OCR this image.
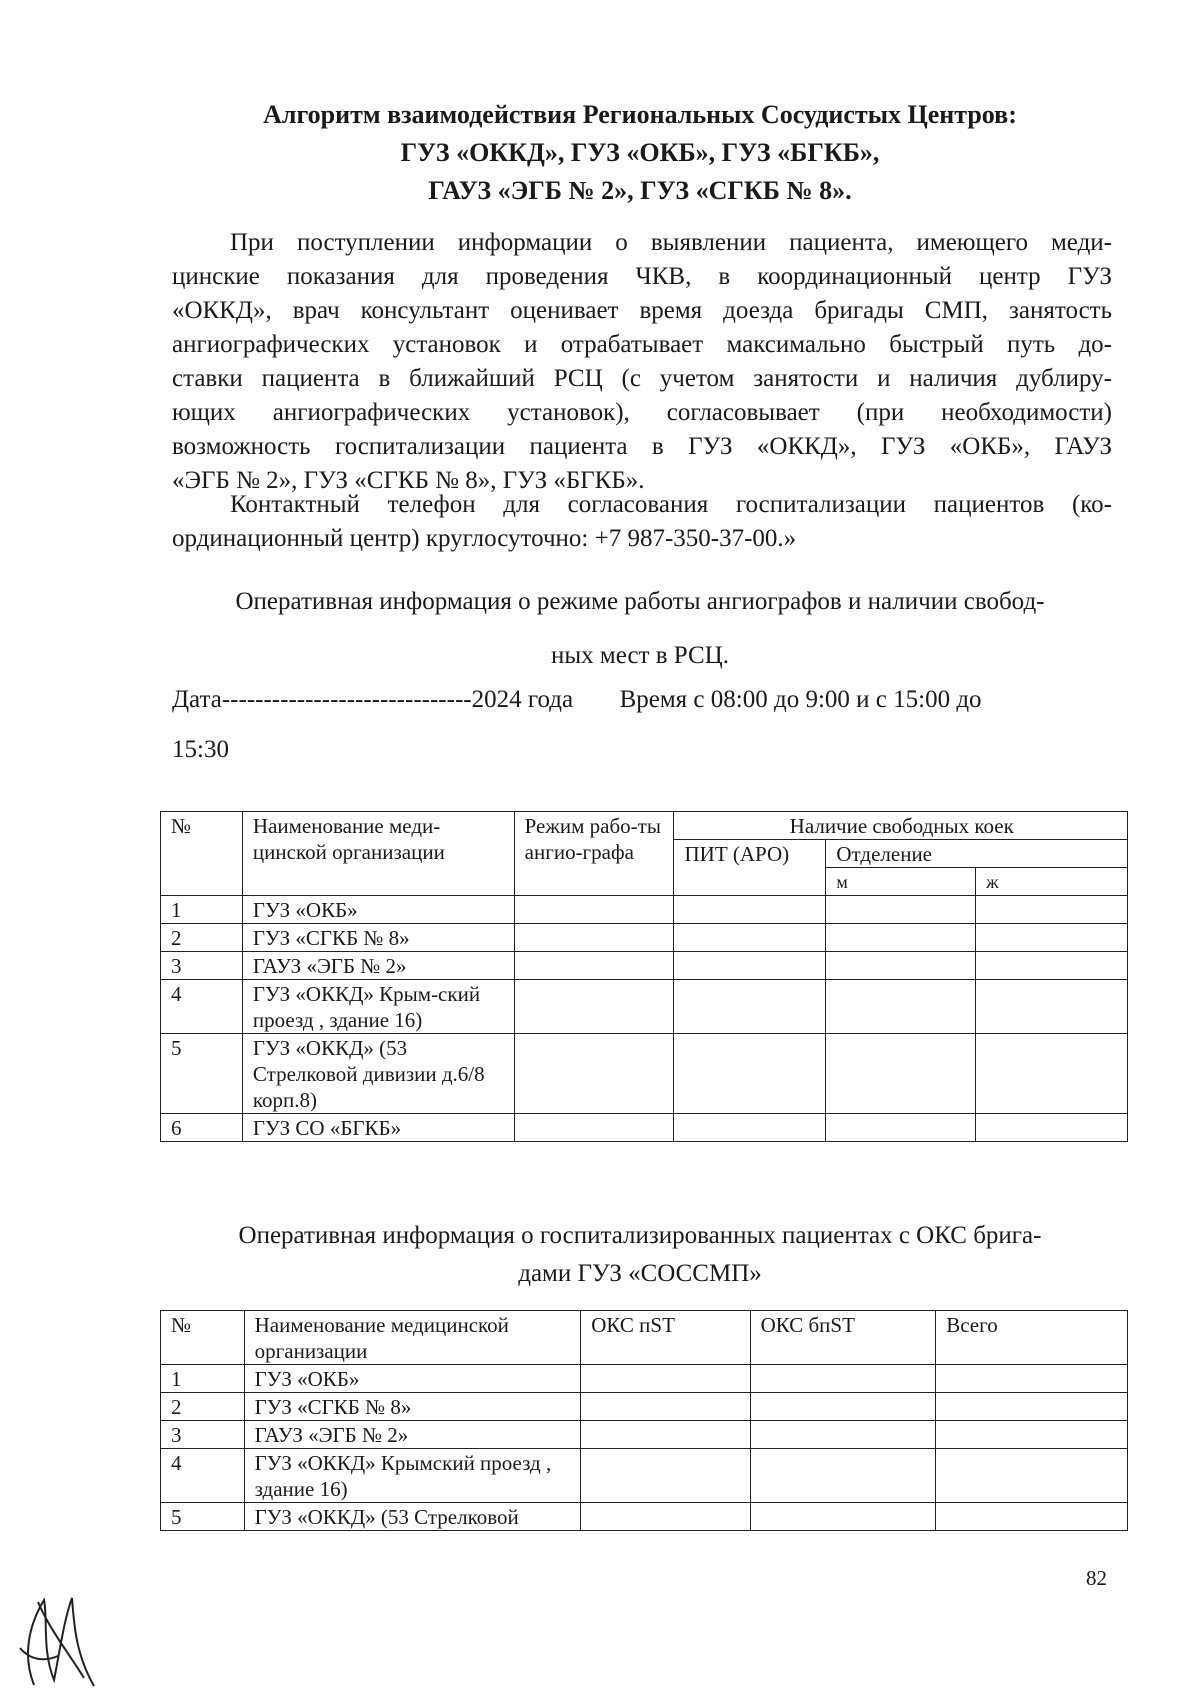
Алгоритм взаимодействия Региональных Сосудистых Центров:
ГУЗ «ОККД», ГУЗ «ОКБ», ГУЗ «БГКБ»,
ГАУЗ «ЭГБ № 2», ГУЗ «СГКБ № 8».
При поступлении информации о выявлении пациента, имеющего меди-
цинские показания для проведения ЧКВ, в координационный центр ГУЗ
«ОККД», врач консультант оценивает время доезда бригады СМП, занятость
ангиографических установок и отрабатывает максимально быстрый путь до-
ставки пациента в ближайший РСЦ (с учетом занятости и наличия дублиру-
ющих ангиографических установок), согласовывает (при необходимости)
возможность госпитализации пациента в ГУЗ «ОККД», ГУЗ «ОКБ», ГАУЗ
«ЭГБ № 2», ГУЗ «СГКБ № 8», ГУЗ «БГКБ».
Контактный телефон для согласования госпитализации пациентов (ко-
ординационный центр) круглосуточно: +7 987-350-37-00.»
Оперативная информация о режиме работы ангиографов и наличии свобод-
ных мест в РСЦ.
Дата------------------------------2024 года Время с 08:00 до 9:00 и с 15:00 до
15:30
№	Наименование меди-цинской организации	Режим рабо-ты ангио-графа	Наличие свободных коек		
			ПИТ (АРО)	Отделение	
				м	ж
1	ГУЗ «ОКБ»				
2	ГУЗ «СГКБ № 8»				
3	ГАУЗ «ЭГБ № 2»				
4	ГУЗ «ОККД» Крым-ский проезд , здание 16)				
5	ГУЗ «ОККД» (53 Стрелковой дивизии д.6/8 корп.8)				
6	ГУЗ СО «БГКБ»				
Оперативная информация о госпитализированных пациентах с ОКС брига-
дами ГУЗ «СОССМП»
№	Наименование медицинской организации	ОКС пST	ОКС бпST	Всего
1	ГУЗ «ОКБ»			
2	ГУЗ «СГКБ № 8»			
3	ГАУЗ «ЭГБ № 2»			
4	ГУЗ «ОККД» Крымский проезд , здание 16)			
5	ГУЗ «ОККД» (53 Стрелковой			
82
